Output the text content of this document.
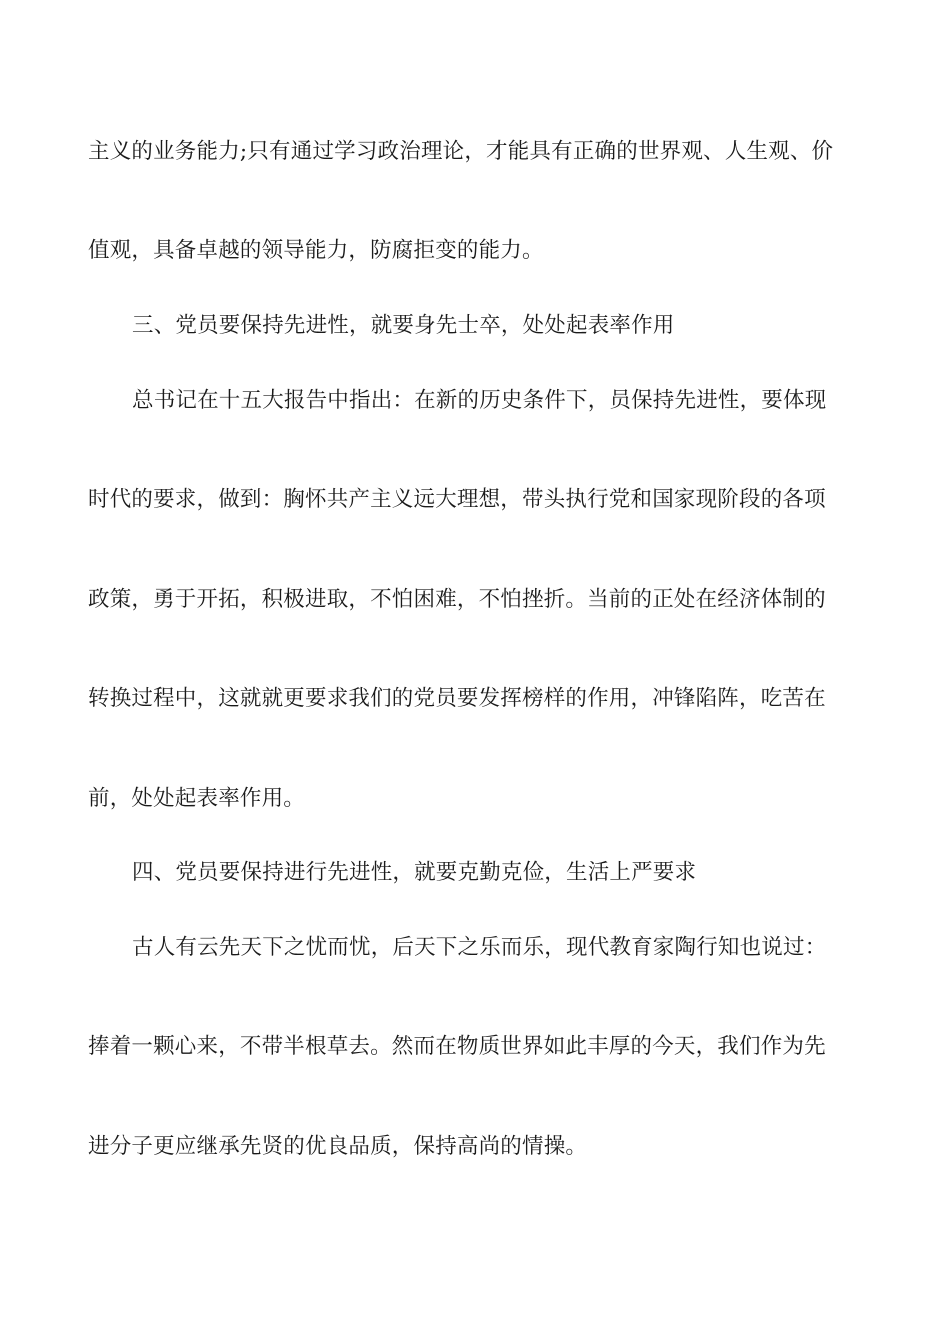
主义的业务能力;只有通过学习政治理论，才能具有正确的世界观、人生观、价
值观，具备卓越的领导能力，防腐拒变的能力。
三、党员要保持先进性，就要身先士卒，处处起表率作用
总书记在十五大报告中指出：在新的历史条件下，员保持先进性，要体现
时代的要求，做到：胸怀共产主义远大理想，带头执行党和国家现阶段的各项
政策，勇于开拓，积极进取，不怕困难，不怕挫折。当前的正处在经济体制的
转换过程中，这就就更要求我们的党员要发挥榜样的作用，冲锋陷阵，吃苦在
前，处处起表率作用。
四、党员要保持进行先进性，就要克勤克俭，生活上严要求
古人有云先天下之忧而忧，后天下之乐而乐，现代教育家陶行知也说过：
捧着一颗心来，不带半根草去。然而在物质世界如此丰厚的今天，我们作为先
进分子更应继承先贤的优良品质，保持高尚的情操。
